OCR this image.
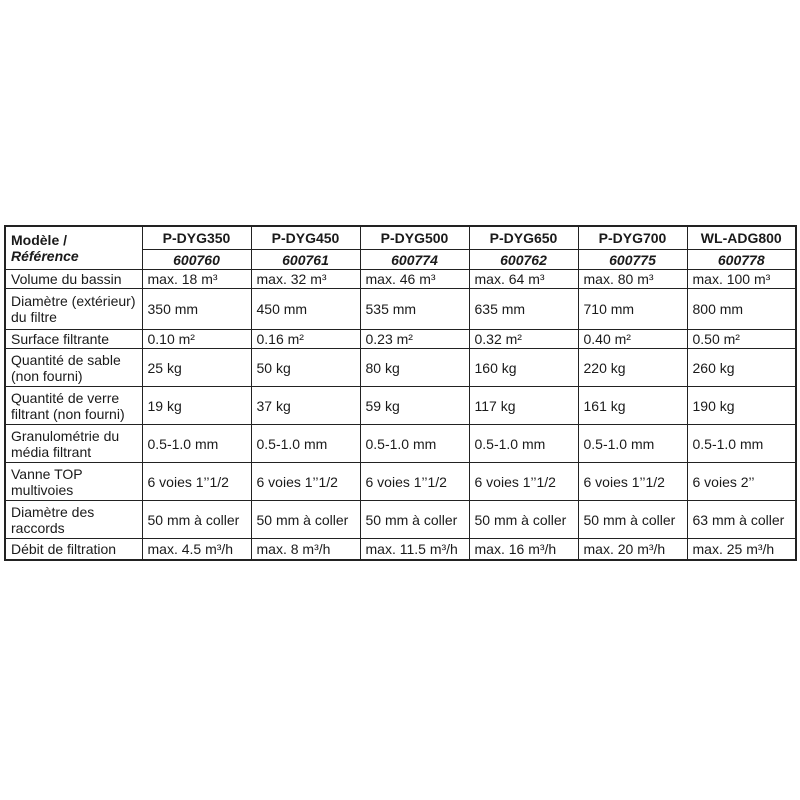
Modèle /
Référence	P-DYG350	P-DYG450	P-DYG500	P-DYG650	P-DYG700	WL-ADG800
	600760	600761	600774	600762	600775	600778
Volume du bassin	max. 18 m³	max. 32 m³	max. 46 m³	max. 64 m³	max. 80 m³	max. 100 m³
Diamètre (extérieur) du filtre	350 mm	450 mm	535 mm	635 mm	710 mm	800 mm
Surface filtrante	0.10 m²	0.16 m²	0.23 m²	0.32 m²	0.40 m²	0.50 m²
Quantité de sable (non fourni)	25 kg	50 kg	80 kg	160 kg	220 kg	260 kg
Quantité de verre filtrant (non fourni)	19 kg	37 kg	59 kg	117 kg	161 kg	190 kg
Granulométrie du média filtrant	0.5-1.0 mm	0.5-1.0 mm	0.5-1.0 mm	0.5-1.0 mm	0.5-1.0 mm	0.5-1.0 mm
Vanne TOP multivoies	6 voies 1’’1/2	6 voies 1’’1/2	6 voies 1’’1/2	6 voies 1’’1/2	6 voies 1’’1/2	6 voies 2’’
Diamètre des raccords	50 mm à coller	50 mm à coller	50 mm à coller	50 mm à coller	50 mm à coller	63 mm à coller
Débit de filtration	max. 4.5 m³/h	max. 8 m³/h	max. 11.5 m³/h	max. 16 m³/h	max. 20 m³/h	max. 25 m³/h
